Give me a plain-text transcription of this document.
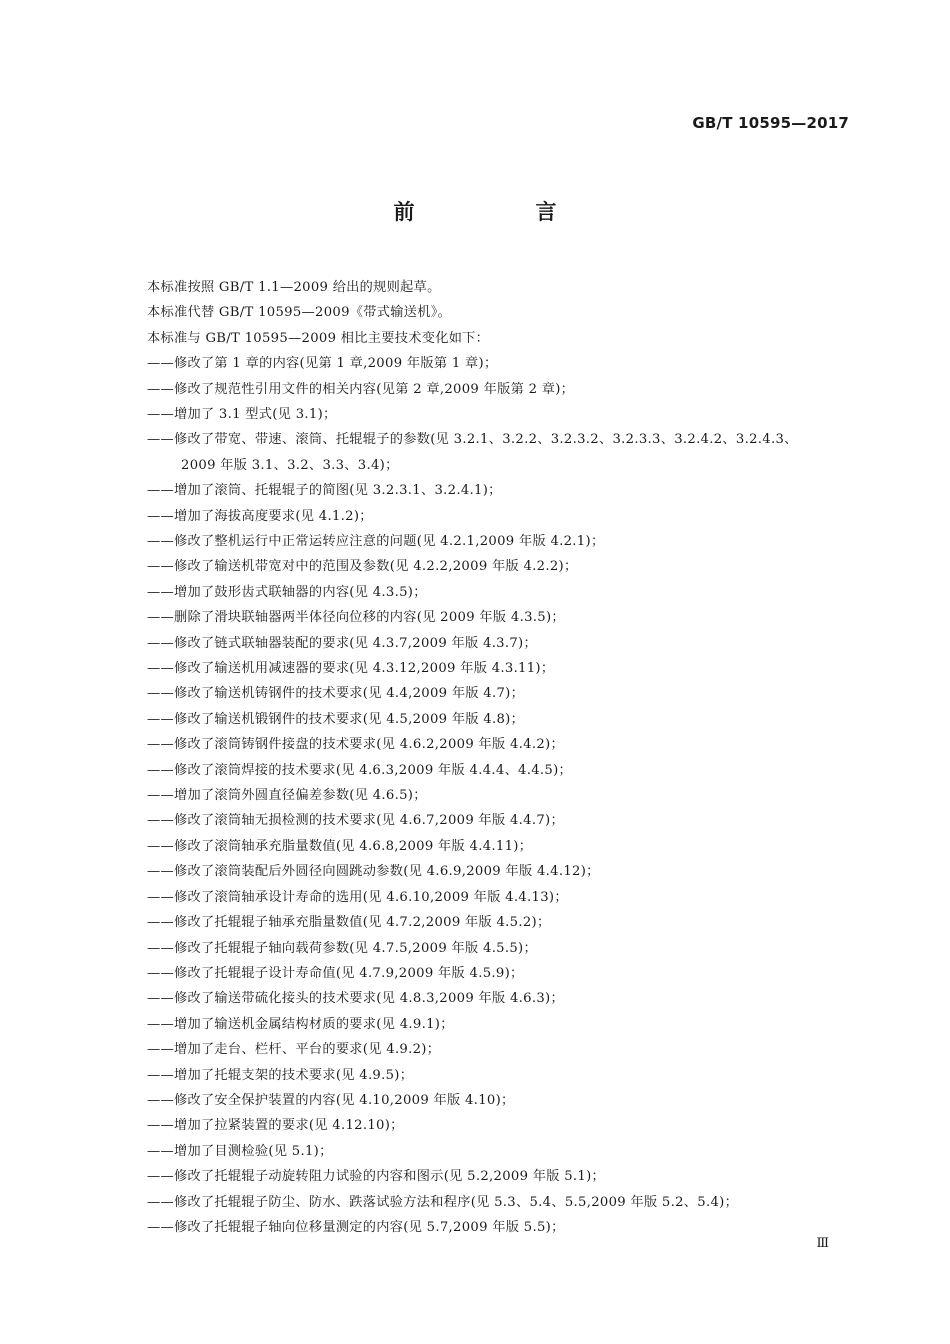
GB/T 10595—2017
前　言
本标准按照 GB/T 1.1—2009 给出的规则起草。
本标准代替 GB/T 10595—2009《带式输送机》。
本标准与 GB/T 10595—2009 相比主要技术变化如下：
——修改了第 1 章的内容(见第 1 章,2009 年版第 1 章)；
——修改了规范性引用文件的相关内容(见第 2 章,2009 年版第 2 章)；
——增加了 3.1 型式(见 3.1)；
——修改了带宽、带速、滚筒、托辊辊子的参数(见 3.2.1、3.2.2、3.2.3.2、3.2.3.3、3.2.4.2、3.2.4.3、
2009 年版 3.1、3.2、3.3、3.4)；
——增加了滚筒、托辊辊子的简图(见 3.2.3.1、3.2.4.1)；
——增加了海拔高度要求(见 4.1.2)；
——修改了整机运行中正常运转应注意的问题(见 4.2.1,2009 年版 4.2.1)；
——修改了输送机带宽对中的范围及参数(见 4.2.2,2009 年版 4.2.2)；
——增加了鼓形齿式联轴器的内容(见 4.3.5)；
——删除了滑块联轴器两半体径向位移的内容(见 2009 年版 4.3.5)；
——修改了链式联轴器装配的要求(见 4.3.7,2009 年版 4.3.7)；
——修改了输送机用减速器的要求(见 4.3.12,2009 年版 4.3.11)；
——修改了输送机铸钢件的技术要求(见 4.4,2009 年版 4.7)；
——修改了输送机锻钢件的技术要求(见 4.5,2009 年版 4.8)；
——修改了滚筒铸钢件接盘的技术要求(见 4.6.2,2009 年版 4.4.2)；
——修改了滚筒焊接的技术要求(见 4.6.3,2009 年版 4.4.4、4.4.5)；
——增加了滚筒外圆直径偏差参数(见 4.6.5)；
——修改了滚筒轴无损检测的技术要求(见 4.6.7,2009 年版 4.4.7)；
——修改了滚筒轴承充脂量数值(见 4.6.8,2009 年版 4.4.11)；
——修改了滚筒装配后外圆径向圆跳动参数(见 4.6.9,2009 年版 4.4.12)；
——修改了滚筒轴承设计寿命的选用(见 4.6.10,2009 年版 4.4.13)；
——修改了托辊辊子轴承充脂量数值(见 4.7.2,2009 年版 4.5.2)；
——修改了托辊辊子轴向载荷参数(见 4.7.5,2009 年版 4.5.5)；
——修改了托辊辊子设计寿命值(见 4.7.9,2009 年版 4.5.9)；
——修改了输送带硫化接头的技术要求(见 4.8.3,2009 年版 4.6.3)；
——增加了输送机金属结构材质的要求(见 4.9.1)；
——增加了走台、栏杆、平台的要求(见 4.9.2)；
——增加了托辊支架的技术要求(见 4.9.5)；
——修改了安全保护装置的内容(见 4.10,2009 年版 4.10)；
——增加了拉紧装置的要求(见 4.12.10)；
——增加了目测检验(见 5.1)；
——修改了托辊辊子动旋转阻力试验的内容和图示(见 5.2,2009 年版 5.1)；
——修改了托辊辊子防尘、防水、跌落试验方法和程序(见 5.3、5.4、5.5,2009 年版 5.2、5.4)；
——修改了托辊辊子轴向位移量测定的内容(见 5.7,2009 年版 5.5)；
Ⅲ
